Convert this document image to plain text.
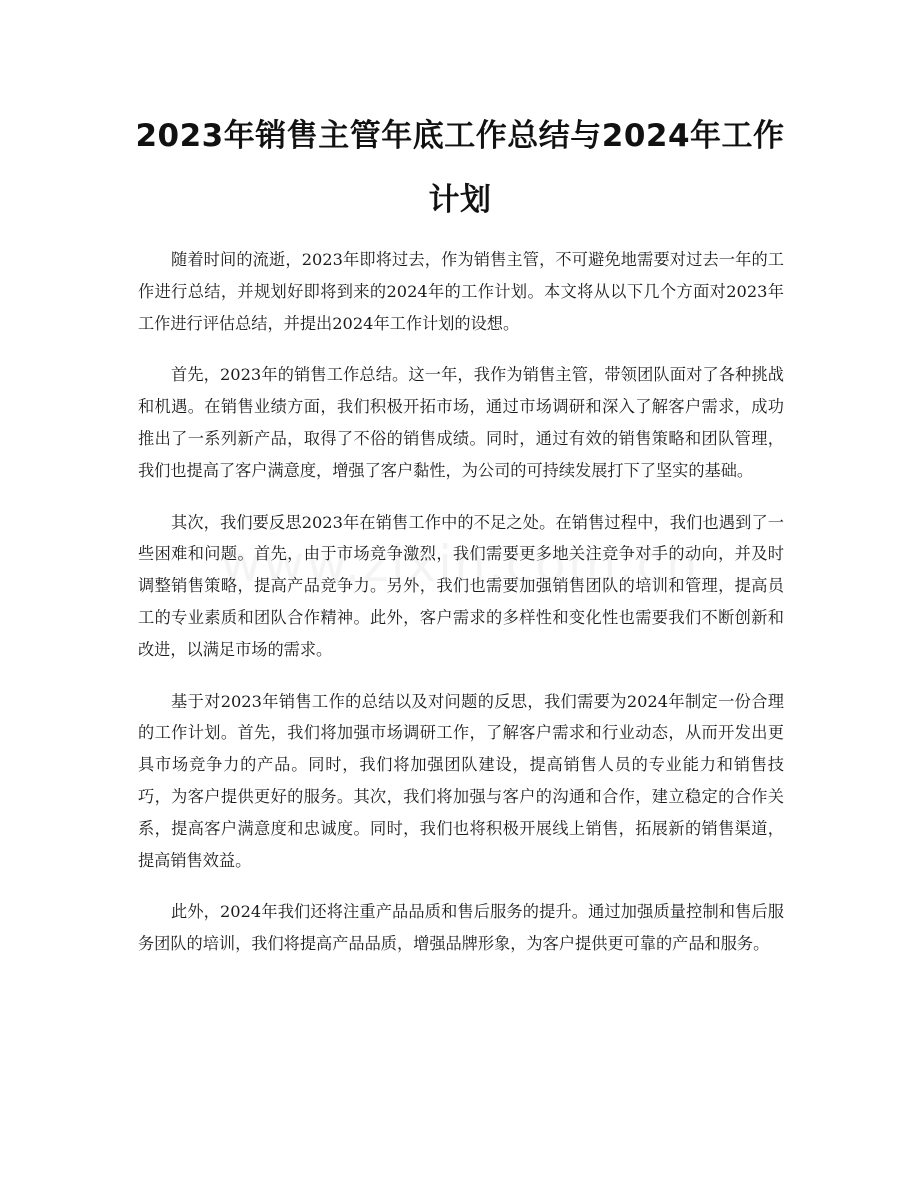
2023年销售主管年底工作总结与2024年工作计划

随着时间的流逝，2023年即将过去，作为销售主管，不可避免地需要对过去一年的工作进行总结，并规划好即将到来的2024年的工作计划。本文将从以下几个方面对2023年工作进行评估总结，并提出2024年工作计划的设想。

首先，2023年的销售工作总结。这一年，我作为销售主管，带领团队面对了各种挑战和机遇。在销售业绩方面，我们积极开拓市场，通过市场调研和深入了解客户需求，成功推出了一系列新产品，取得了不俗的销售成绩。同时，通过有效的销售策略和团队管理，我们也提高了客户满意度，增强了客户黏性，为公司的可持续发展打下了坚实的基础。

其次，我们要反思2023年在销售工作中的不足之处。在销售过程中，我们也遇到了一些困难和问题。首先，由于市场竞争激烈，我们需要更多地关注竞争对手的动向，并及时调整销售策略，提高产品竞争力。另外，我们也需要加强销售团队的培训和管理，提高员工的专业素质和团队合作精神。此外，客户需求的多样性和变化性也需要我们不断创新和改进，以满足市场的需求。

基于对2023年销售工作的总结以及对问题的反思，我们需要为2024年制定一份合理的工作计划。首先，我们将加强市场调研工作，了解客户需求和行业动态，从而开发出更具市场竞争力的产品。同时，我们将加强团队建设，提高销售人员的专业能力和销售技巧，为客户提供更好的服务。其次，我们将加强与客户的沟通和合作，建立稳定的合作关系，提高客户满意度和忠诚度。同时，我们也将积极开展线上销售，拓展新的销售渠道，提高销售效益。

此外，2024年我们还将注重产品品质和售后服务的提升。通过加强质量控制和售后服务团队的培训，我们将提高产品品质，增强品牌形象，为客户提供更可靠的产品和服务。
